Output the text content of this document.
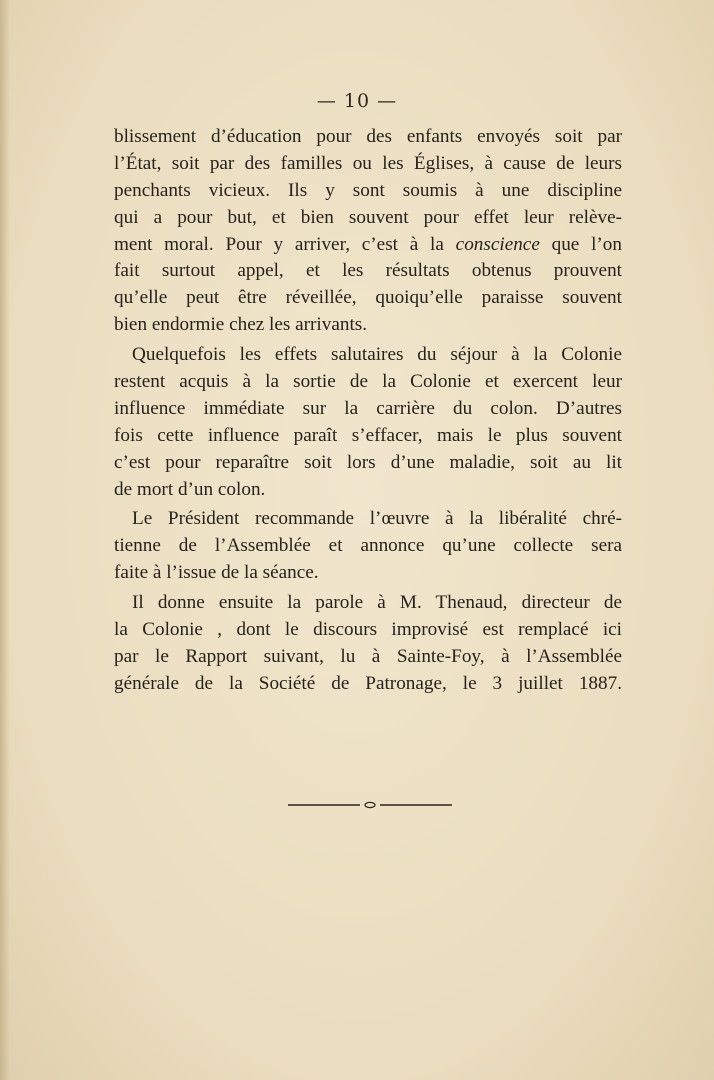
— 10 —
blissement d’éducation pour des enfants envoyés soit par
l’État, soit par des familles ou les Églises, à cause de leurs
penchants vicieux. Ils y sont soumis à une discipline
qui a pour but, et bien souvent pour effet leur relève-
ment moral. Pour y arriver, c’est à la conscience que l’on
fait surtout appel, et les résultats obtenus prouvent
qu’elle peut être réveillée, quoiqu’elle paraisse souvent
bien endormie chez les arrivants.
Quelquefois les effets salutaires du séjour à la Colonie
restent acquis à la sortie de la Colonie et exercent leur
influence immédiate sur la carrière du colon. D’autres
fois cette influence paraît s’effacer, mais le plus souvent
c’est pour reparaître soit lors d’une maladie, soit au lit
de mort d’un colon.
Le Président recommande l’œuvre à la libéralité chré-
tienne de l’Assemblée et annonce qu’une collecte sera
faite à l’issue de la séance.
Il donne ensuite la parole à M. Thenaud, directeur de
la Colonie , dont le discours improvisé est remplacé ici
par le Rapport suivant, lu à Sainte-Foy, à l’Assemblée
générale de la Société de Patronage, le 3 juillet 1887.
